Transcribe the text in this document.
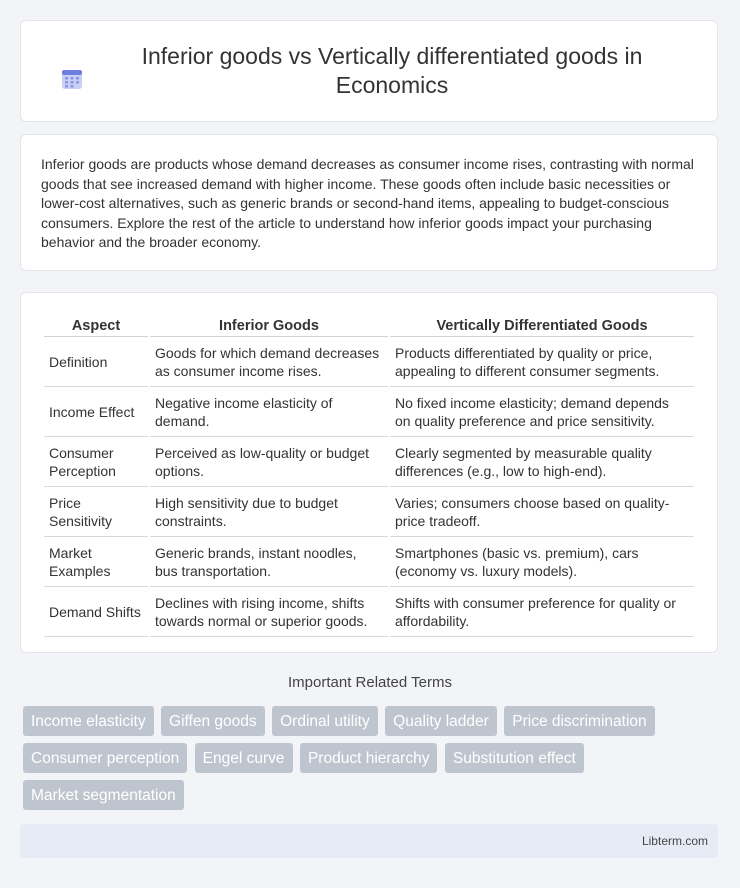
Inferior goods vs Vertically differentiated goods in Economics

Inferior goods are products whose demand decreases as consumer income rises, contrasting with normal goods that see increased demand with higher income. These goods often include basic necessities or lower-cost alternatives, such as generic brands or second-hand items, appealing to budget-conscious consumers. Explore the rest of the article to understand how inferior goods impact your purchasing behavior and the broader economy.

Aspect	Inferior Goods	Vertically Differentiated Goods
Definition	Goods for which demand decreases as consumer income rises.	Products differentiated by quality or price, appealing to different consumer segments.
Income Effect	Negative income elasticity of demand.	No fixed income elasticity; demand depends on quality preference and price sensitivity.
Consumer Perception	Perceived as low-quality or budget options.	Clearly segmented by measurable quality differences (e.g., low to high-end).
Price Sensitivity	High sensitivity due to budget constraints.	Varies; consumers choose based on quality-price tradeoff.
Market Examples	Generic brands, instant noodles, bus transportation.	Smartphones (basic vs. premium), cars (economy vs. luxury models).
Demand Shifts	Declines with rising income, shifts towards normal or superior goods.	Shifts with consumer preference for quality or affordability.
Important Related Terms
Income elasticity Giffen goods Ordinal utility Quality ladder Price discrimination Consumer perception Engel curve Product hierarchy Substitution effect Market segmentation
Libterm.com
